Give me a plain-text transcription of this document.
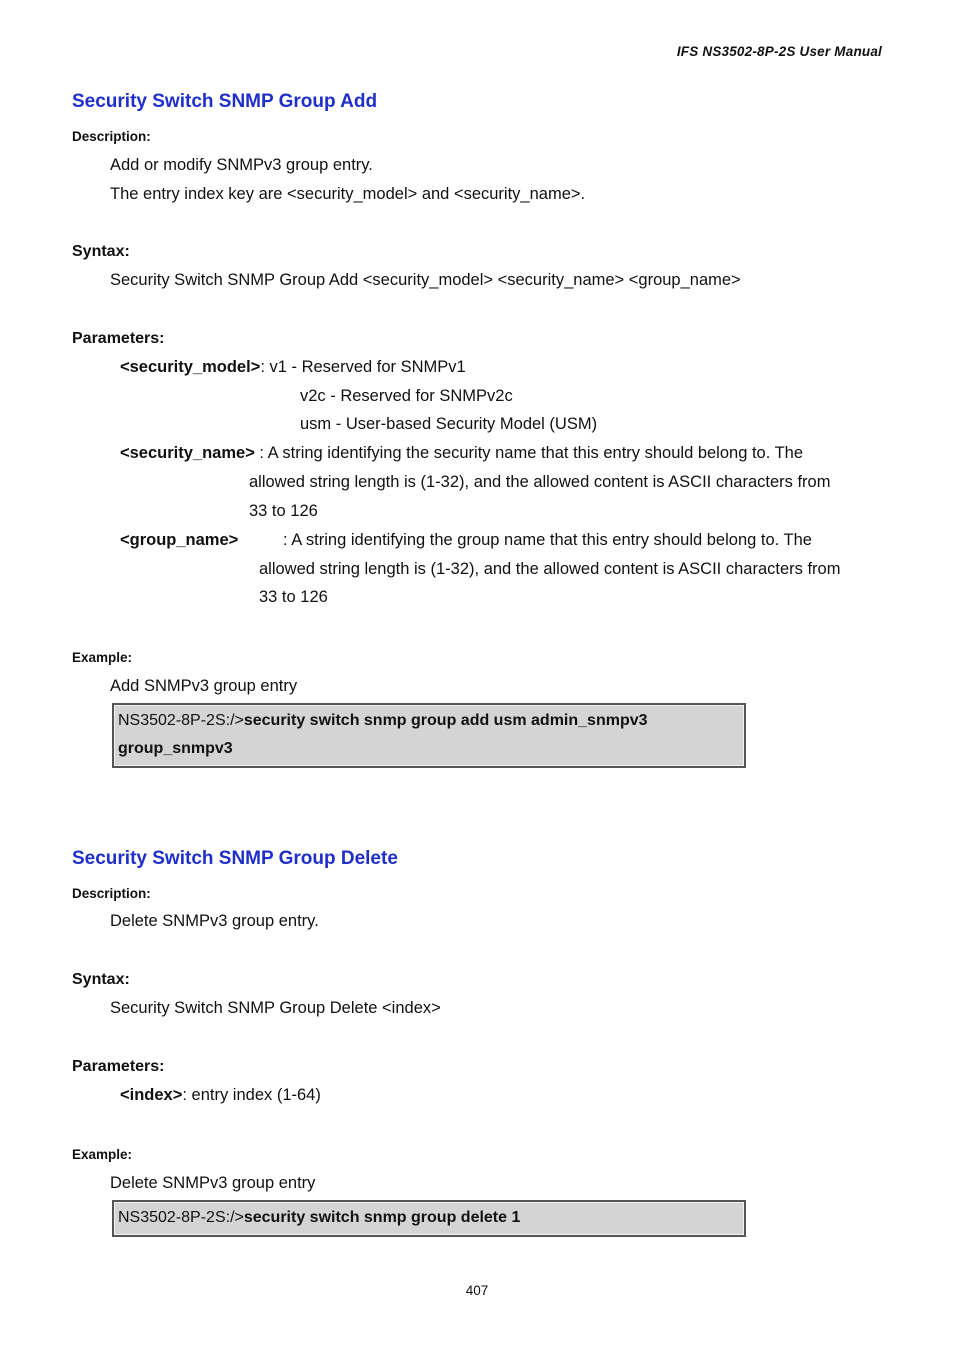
IFS NS3502-8P-2S User Manual
Security Switch SNMP Group Add
Description:
Add or modify SNMPv3 group entry.
The entry index key are <security_model> and <security_name>.
Syntax:
Security Switch SNMP Group Add <security_model> <security_name> <group_name>
Parameters:
<security_model>: v1 - Reserved for SNMPv1
v2c - Reserved for SNMPv2c
usm - User-based Security Model (USM)
<security_name> : A string identifying the security name that this entry should belong to. The
allowed string length is (1-32), and the allowed content is ASCII characters from
33 to 126
<group_name>	: A string identifying the group name that this entry should belong to. The
allowed string length is (1-32), and the allowed content is ASCII characters from
33 to 126
Example:
Add SNMPv3 group entry
NS3502-8P-2S:/>security switch snmp group add usm admin_snmpv3
group_snmpv3
Security Switch SNMP Group Delete
Description:
Delete SNMPv3 group entry.
Syntax:
Security Switch SNMP Group Delete <index>
Parameters:
<index>: entry index (1-64)
Example:
Delete SNMPv3 group entry
NS3502-8P-2S:/>security switch snmp group delete 1
407
